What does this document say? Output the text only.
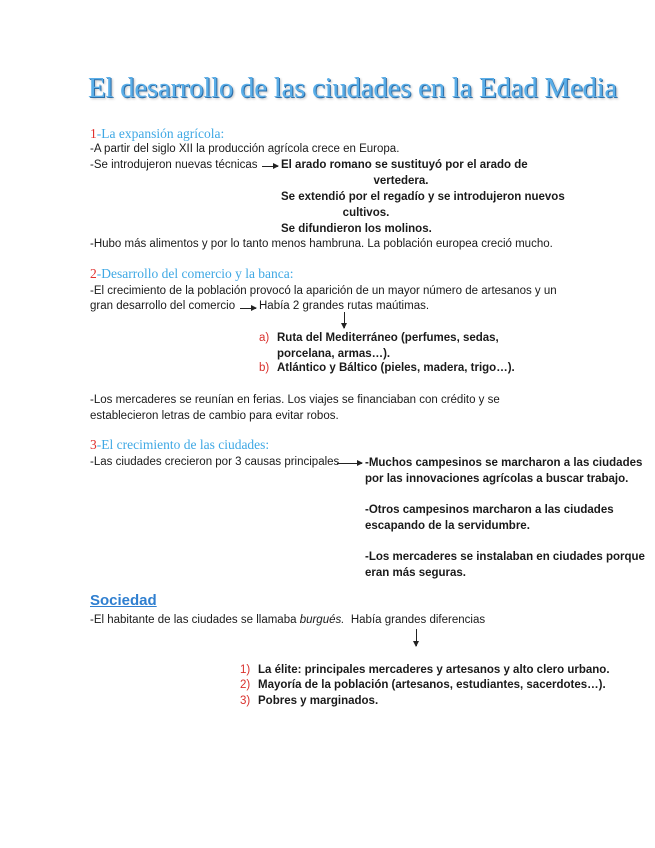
El desarrollo de las ciudades en la Edad Media
1-La expansión agrícola:
-A partir del siglo XII la producción agrícola crece en Europa.
-Se introdujeron nuevas técnicas El arado romano se sustituyó por el arado de
vertedera.
Se extendió por el regadío y se introdujeron nuevos
cultivos.
Se difundieron los molinos.
-Hubo más alimentos y por lo tanto menos hambruna. La población europea creció mucho.
2-Desarrollo del comercio y la banca:
-El crecimiento de la población provocó la aparición de un mayor número de artesanos y un
gran desarrollo del comercio Había 2 grandes rutas maútimas.
a) Ruta del Mediterráneo (perfumes, sedas,
porcelana, armas…).
b) Atlántico y Báltico (pieles, madera, trigo…).
-Los mercaderes se reunían en ferias. Los viajes se financiaban con crédito y se
establecieron letras de cambio para evitar robos.
3-El crecimiento de las ciudades:
-Las ciudades crecieron por 3 causas principales -Muchos campesinos se marcharon a las ciudades
por las innovaciones agrícolas a buscar trabajo.
-Otros campesinos marcharon a las ciudades
escapando de la servidumbre.
-Los mercaderes se instalaban en ciudades porque
eran más seguras.
Sociedad
-El habitante de las ciudades se llamaba burgués.  Había grandes diferencias
1) La élite: principales mercaderes y artesanos y alto clero urbano.
2) Mayoría de la población (artesanos, estudiantes, sacerdotes…).
3) Pobres y marginados.
